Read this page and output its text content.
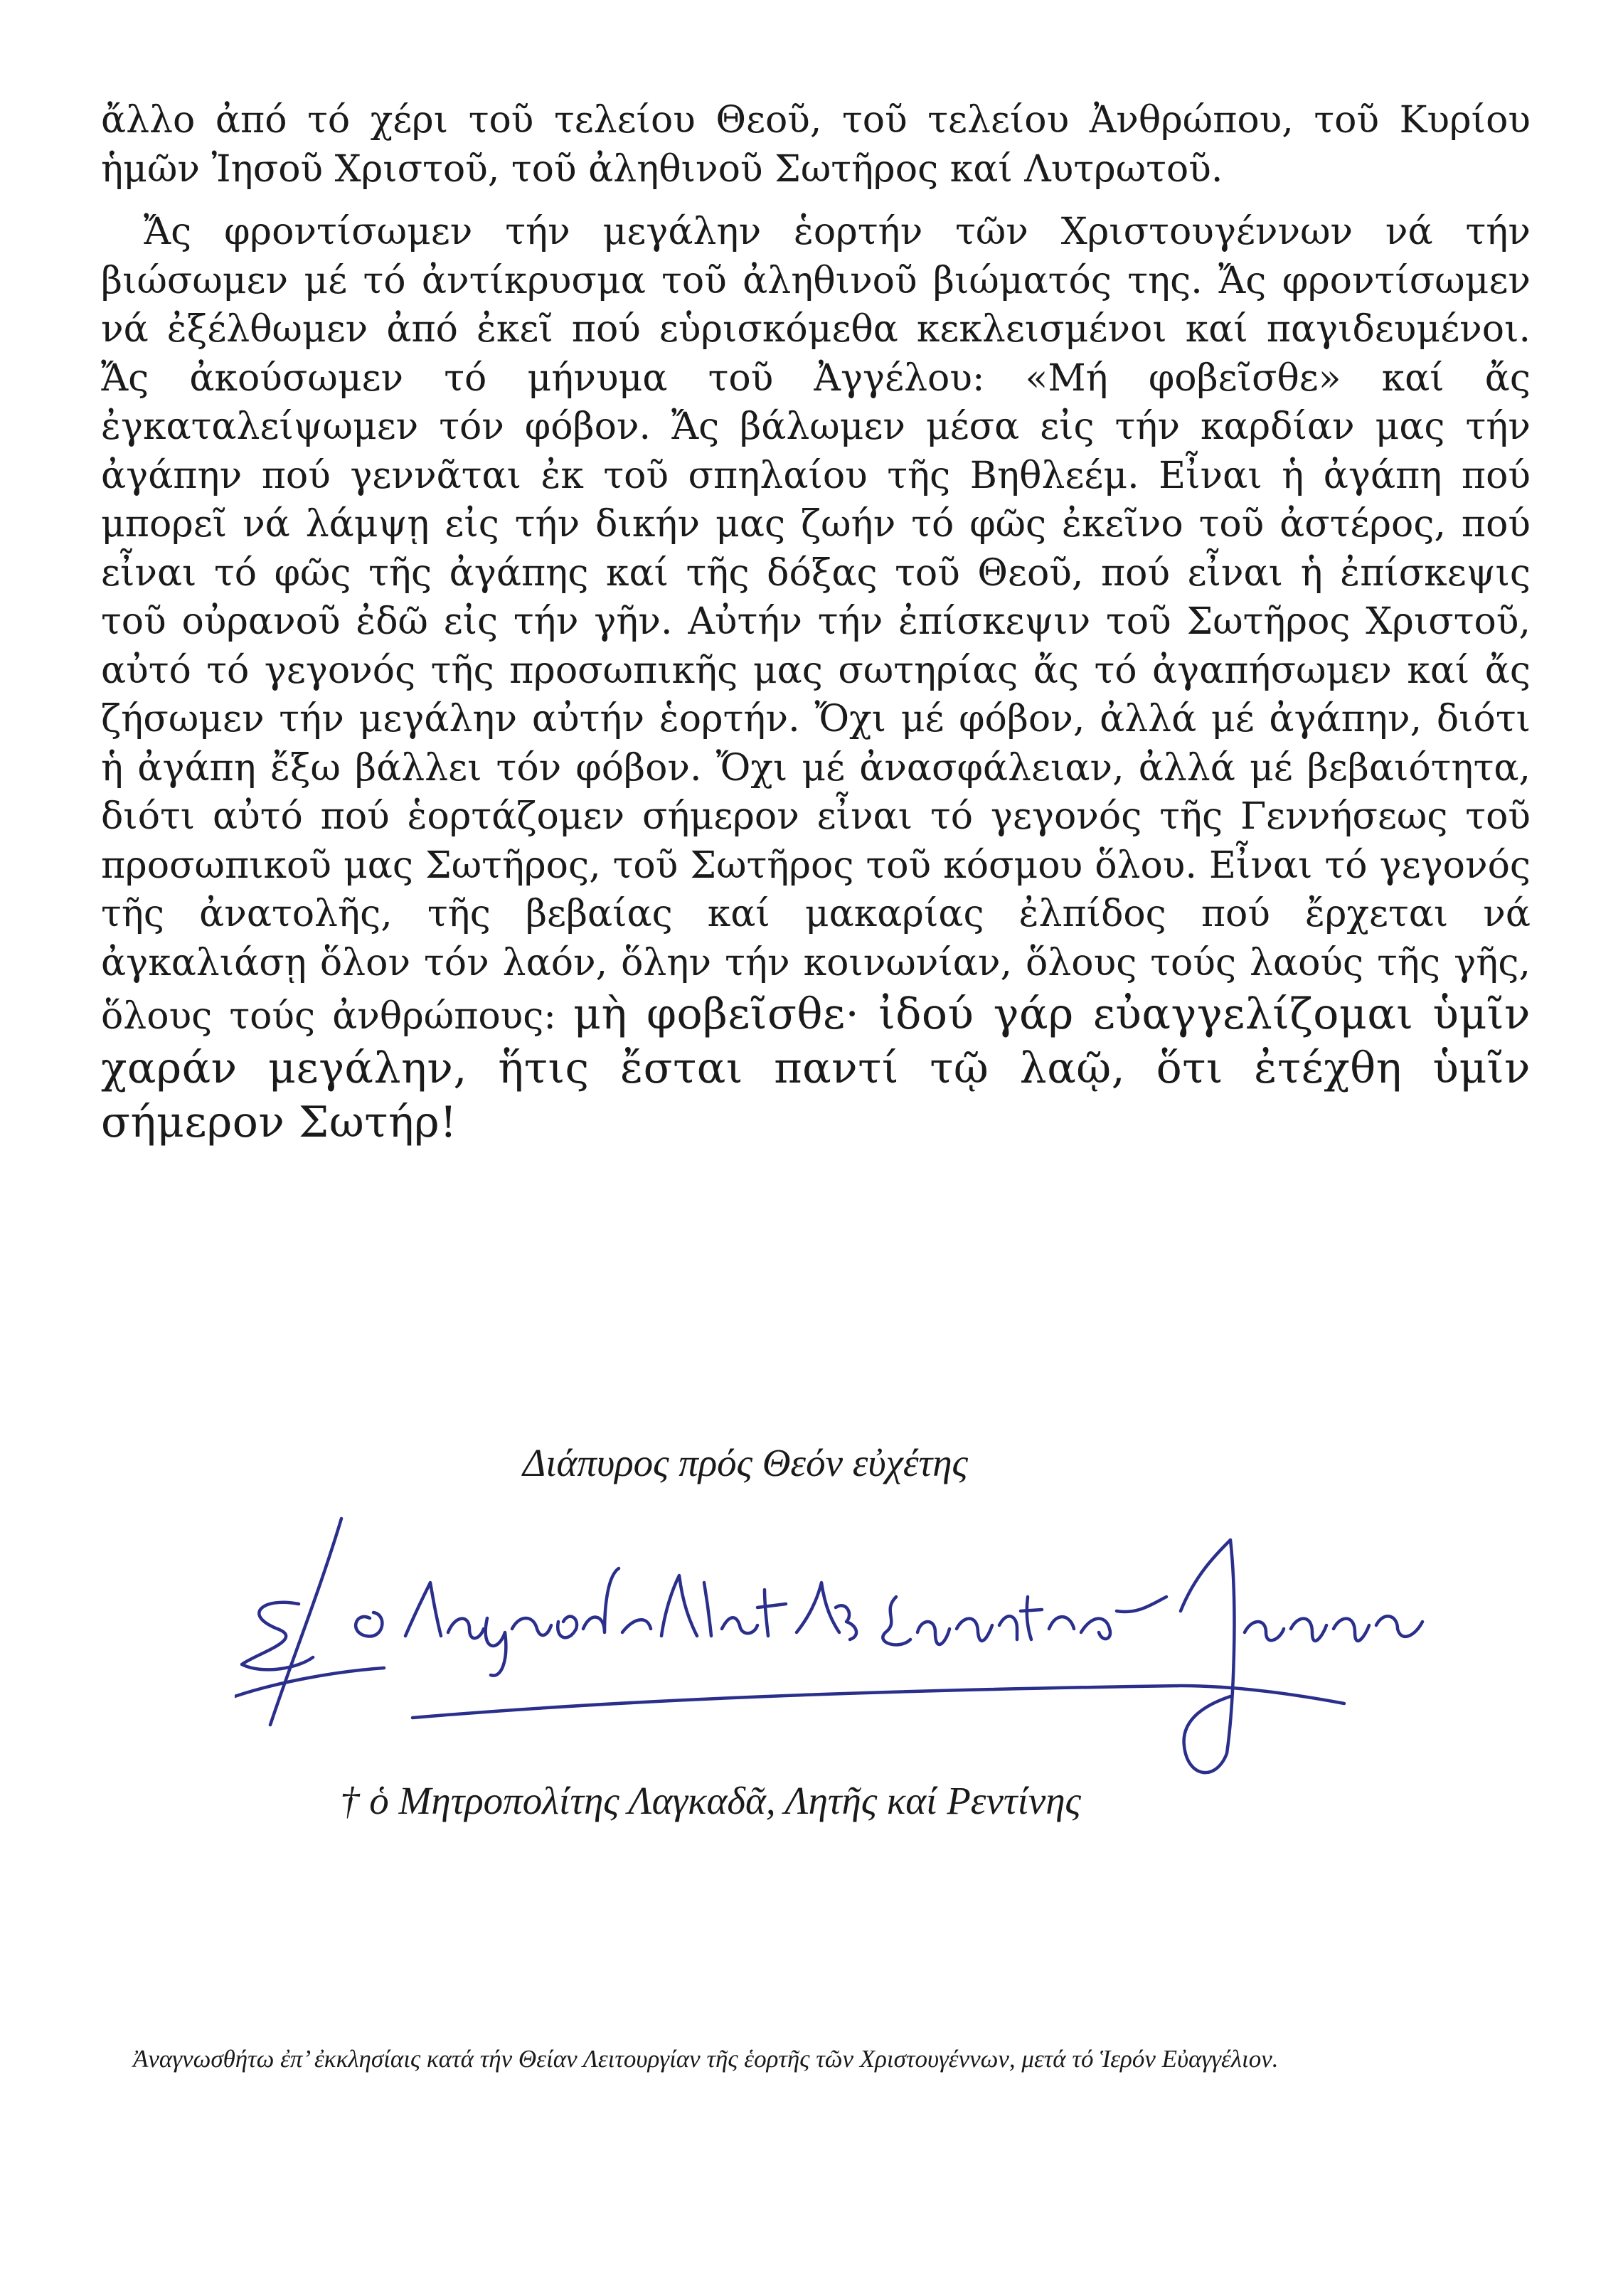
ἄλλο ἀπό τό χέρι τοῦ τελείου Θεοῦ, τοῦ τελείου Ἀνθρώπου, τοῦ Κυρίου ἡμῶν Ἰησοῦ Χριστοῦ, τοῦ ἀληθινοῦ Σωτῆρος καί Λυτρωτοῦ.

Ἄς φροντίσωμεν τήν μεγάλην ἑορτήν τῶν Χριστουγέννων νά τήν βιώσωμεν μέ τό ἀντίκρυσμα τοῦ ἀληθινοῦ βιώματός της. Ἄς φροντίσωμεν νά ἐξέλθωμεν ἀπό ἐκεῖ πού εὑρισκόμεθα κεκλεισμένοι καί παγιδευμένοι. Ἄς ἀκούσωμεν τό μήνυμα τοῦ Ἀγγέλου: «Μή φοβεῖσθε» καί ἄς ἐγκαταλείψωμεν τόν φόβον. Ἄς βάλωμεν μέσα εἰς τήν καρδίαν μας τήν ἀγάπην πού γεννᾶται ἐκ τοῦ σπηλαίου τῆς Βηθλεέμ. Εἶναι ἡ ἀγάπη πού μπορεῖ νά λάμψῃ εἰς τήν δικήν μας ζωήν τό φῶς ἐκεῖνο τοῦ ἀστέρος, πού εἶναι τό φῶς τῆς ἀγάπης καί τῆς δόξας τοῦ Θεοῦ, πού εἶναι ἡ ἐπίσκεψις τοῦ οὐρανοῦ ἐδῶ εἰς τήν γῆν. Αὐτήν τήν ἐπίσκεψιν τοῦ Σωτῆρος Χριστοῦ, αὐτό τό γεγονός τῆς προσωπικῆς μας σωτηρίας ἄς τό ἀγαπήσωμεν καί ἄς ζήσωμεν τήν μεγάλην αὐτήν ἑορτήν. Ὄχι μέ φόβον, ἀλλά μέ ἀγάπην, διότι ἡ ἀγάπη ἔξω βάλλει τόν φόβον. Ὄχι μέ ἀνασφάλειαν, ἀλλά μέ βεβαιότητα, διότι αὐτό πού ἑορτάζομεν σήμερον εἶναι τό γεγονός τῆς Γεννήσεως τοῦ προσωπικοῦ μας Σωτῆρος, τοῦ Σωτῆρος τοῦ κόσμου ὅλου. Εἶναι τό γεγονός τῆς ἀνατολῆς, τῆς βεβαίας καί μακαρίας ἐλπίδος πού ἔρχεται νά ἀγκαλιάσῃ ὅλον τόν λαόν, ὅλην τήν κοινωνίαν, ὅλους τούς λαούς τῆς γῆς, ὅλους τούς ἀνθρώπους: μὴ φοβεῖσθε· ἰδού γάρ εὐαγγελίζομαι ὑμῖν χαράν μεγάλην, ἥτις ἔσται παντί τῷ λαῷ, ὅτι ἐτέχθη ὑμῖν σήμερον Σωτήρ!

Διάπυρος πρός Θεόν εὐχέτης
† ὁ Μητροπολίτης Λαγκαδᾶ, Λητῆς καί Ρεντίνης
Ἀναγνωσθήτω ἐπ’ ἐκκλησίαις κατά τήν Θείαν Λειτουργίαν τῆς ἑορτῆς τῶν Χριστουγέννων, μετά τό Ἱερόν Εὐαγγέλιον.
